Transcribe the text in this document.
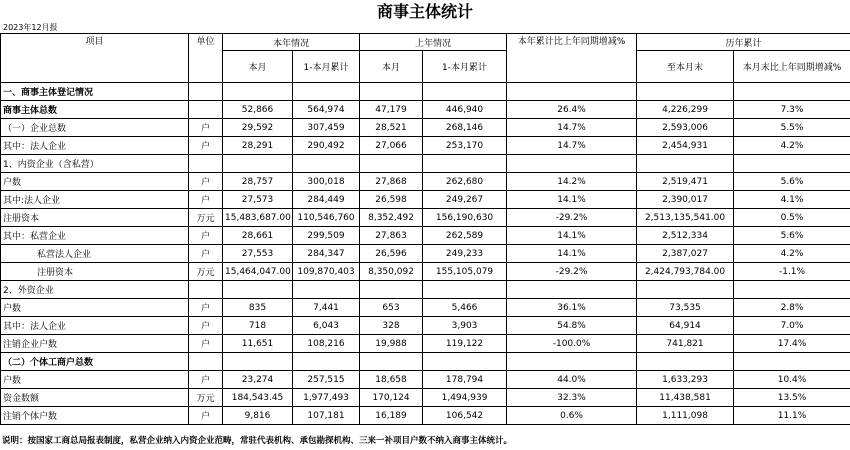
商事主体统计
2023年12月报
项目	单位	本年情况		上年情况		本年累计比上年同期增减%	历年累计	
		本月	1-本月累计	本月	1-本月累计		至本月末	本月末比上年同期增减%
一、商事主体登记情况								
商事主体总数		52,866	564,974	47,179	446,940	26.4%	4,226,299	7.3%
（一）企业总数	户	29,592	307,459	28,521	268,146	14.7%	2,593,006	5.5%
其中：法人企业	户	28,291	290,492	27,066	253,170	14.7%	2,454,931	4.2%
1、内资企业（含私营）								
户数	户	28,757	300,018	27,868	262,680	14.2%	2,519,471	5.6%
其中:法人企业	户	27,573	284,449	26,598	249,267	14.1%	2,390,017	4.1%
注册资本	万元	15,483,687.00	110,546,760	8,352,492	156,190,630	-29.2%	2,513,135,541.00	0.5%
其中：私营企业	户	28,661	299,509	27,863	262,589	14.1%	2,512,334	5.6%
私营法人企业	户	27,553	284,347	26,596	249,233	14.1%	2,387,027	4.2%
注册资本	万元	15,464,047.00	109,870,403	8,350,092	155,105,079	-29.2%	2,424,793,784.00	-1.1%
2、外资企业								
户数	户	835	7,441	653	5,466	36.1%	73,535	2.8%
其中：法人企业	户	718	6,043	328	3,903	54.8%	64,914	7.0%
注销企业户数	户	11,651	108,216	19,988	119,122	-100.0%	741,821	17.4%
（二）个体工商户总数								
户数	户	23,274	257,515	18,658	178,794	44.0%	1,633,293	10.4%
资金数额	万元	184,543.45	1,977,493	170,124	1,494,939	32.3%	11,438,581	13.5%
注销个体户数	户	9,816	107,181	16,189	106,542	0.6%	1,111,098	11.1%
说明：按国家工商总局报表制度，私营企业纳入内资企业范畴，常驻代表机构、承包勘探机构、三来一补项目户数不纳入商事主体统计。
